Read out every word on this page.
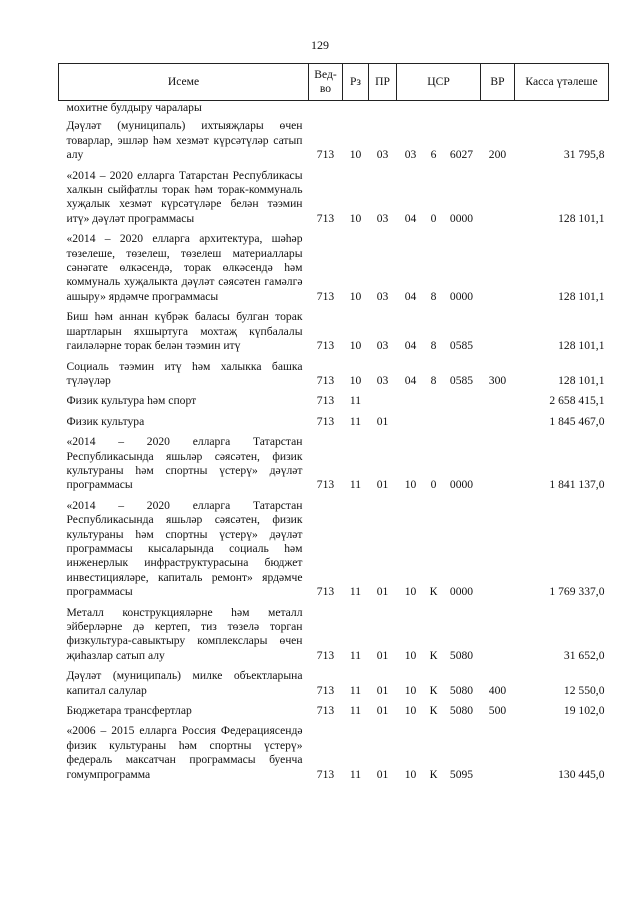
129
Исеме	Вед-во	Рз	ПР	ЦСР			ВР	Касса үтәлеше
мохитне булдыру чаралары								
Дәүләт (муниципаль) ихтыяҗлары өчен товарлар, эшләр һәм хезмәт күрсәтүләр сатып алу	713	10	03	03	6	6027	200	31 795,8
«2014 – 2020 елларга Татарстан Республикасы халкын сыйфатлы торак һәм торак-коммуналь хуҗалык хезмәт күрсәтүләре белән тәэмин итү» дәүләт программасы	713	10	03	04	0	0000		128 101,1
«2014 – 2020 елларга архитектура, шәһәр төзелеше, төзелеш, төзелеш материаллары сәнәгате өлкәсендә, торак өлкәсендә һәм коммуналь хуҗалыкта дәүләт сәясәтен гамәлгә ашыру» ярдәмче программасы	713	10	03	04	8	0000		128 101,1
Биш һәм аннан күбрәк баласы булган торак шартларын яхшыртуга мохтаҗ күпбалалы гаиләләрне торак белән тәэмин итү	713	10	03	04	8	0585		128 101,1
Социаль тәэмин итү һәм халыкка башка түләүләр	713	10	03	04	8	0585	300	128 101,1
Физик культура һәм спорт	713	11						2 658 415,1
Физик культура	713	11	01					1 845 467,0
«2014 – 2020 елларга Татарстан Республикасында яшьләр сәясәтен, физик культураны һәм спортны үстерү» дәүләт программасы	713	11	01	10	0	0000		1 841 137,0
«2014 – 2020 елларга Татарстан Республикасында яшьләр сәясәтен, физик культураны һәм спортны үстерү» дәүләт программасы кысаларында социаль һәм инженерлык инфраструктурасына бюджет инвестицияләре, капиталь ремонт» ярдәмче программасы	713	11	01	10	К	0000		1 769 337,0
Металл конструкцияләрне һәм металл эйберләрне дә кертеп, тиз төзелә торган физкультура-савыктыру комплекслары өчен җиһазлар сатып алу	713	11	01	10	К	5080		31 652,0
Дәүләт (муниципаль) милке объектларына капитал салулар	713	11	01	10	К	5080	400	12 550,0
Бюджетара трансфертлар	713	11	01	10	К	5080	500	19 102,0
«2006 – 2015 елларга Россия Федерациясендә физик культураны һәм спортны үстерү» федераль максатчан программасы буенча гомумпрограмма	713	11	01	10	К	5095		130 445,0
